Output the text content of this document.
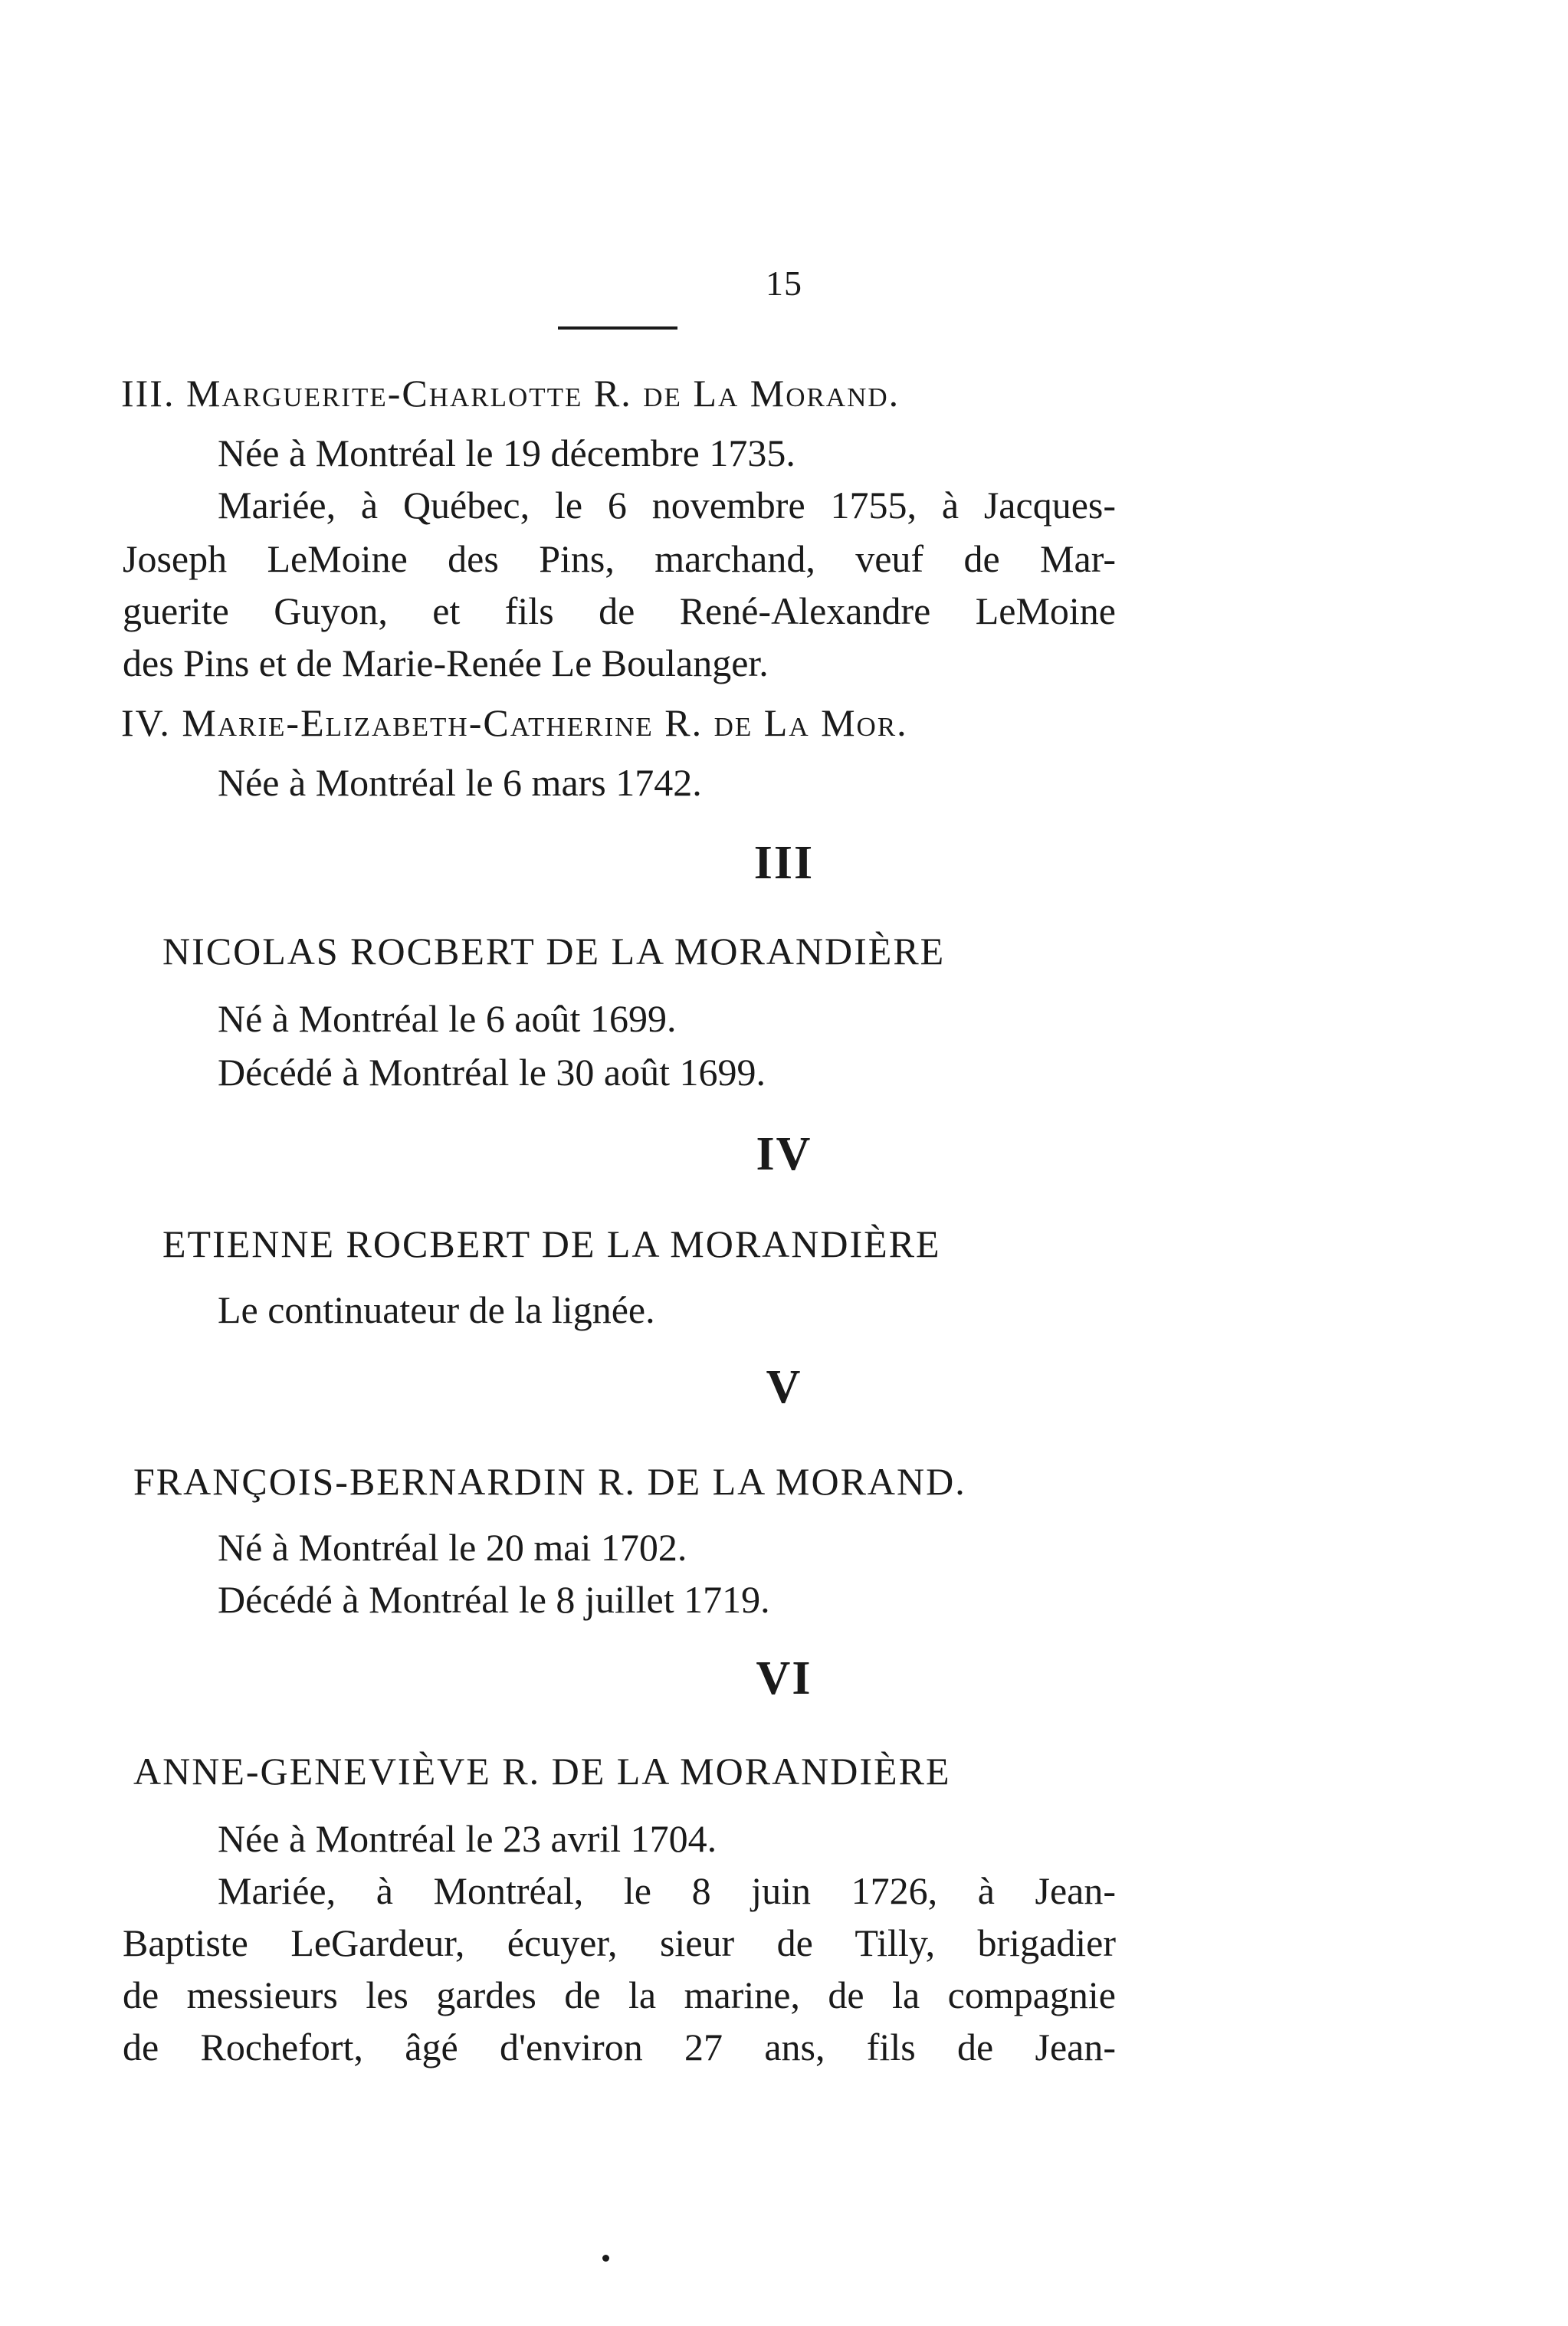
15
III. Marguerite-Charlotte R. de La Morand.
Née à Montréal le 19 décembre 1735.
Mariée, à Québec, le 6 novembre 1755, à Jacques-
Joseph LeMoine des Pins, marchand, veuf de Mar-
guerite Guyon, et fils de René-Alexandre LeMoine
des Pins et de Marie-Renée Le Boulanger.
IV. Marie-Elizabeth-Catherine R. de La Mor.
Née à Montréal le 6 mars 1742.
III
NICOLAS ROCBERT DE LA MORANDIÈRE
Né à Montréal le 6 août 1699.
Décédé à Montréal le 30 août 1699.
IV
ETIENNE ROCBERT DE LA MORANDIÈRE
Le continuateur de la lignée.
V
FRANÇOIS-BERNARDIN R. DE LA MORAND.
Né à Montréal le 20 mai 1702.
Décédé à Montréal le 8 juillet 1719.
VI
ANNE-GENEVIÈVE R. DE LA MORANDIÈRE
Née à Montréal le 23 avril 1704.
Mariée, à Montréal, le 8 juin 1726, à Jean-
Baptiste LeGardeur, écuyer, sieur de Tilly, brigadier
de messieurs les gardes de la marine, de la compagnie
de Rochefort, âgé d'environ 27 ans, fils de Jean-
